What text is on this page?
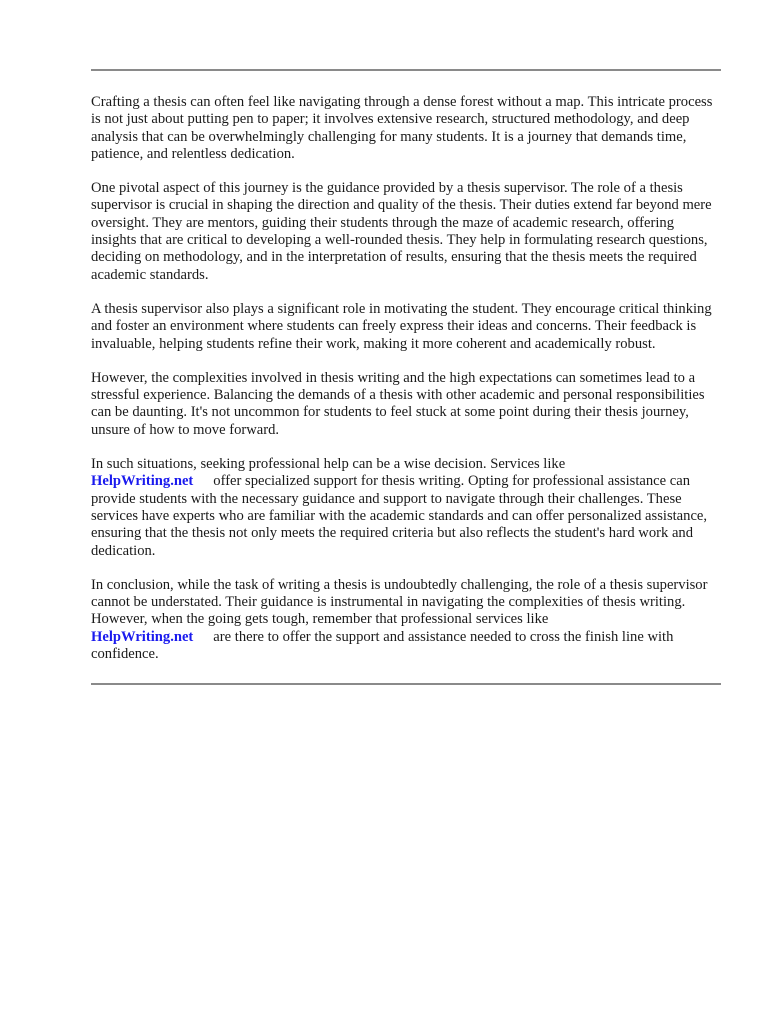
Crafting a thesis can often feel like navigating through a dense forest without a map. This intricate process is not just about putting pen to paper; it involves extensive research, structured methodology, and deep analysis that can be overwhelmingly challenging for many students. It is a journey that demands time, patience, and relentless dedication.

One pivotal aspect of this journey is the guidance provided by a thesis supervisor. The role of a thesis supervisor is crucial in shaping the direction and quality of the thesis. Their duties extend far beyond mere oversight. They are mentors, guiding their students through the maze of academic research, offering insights that are critical to developing a well-rounded thesis. They help in formulating research questions, deciding on methodology, and in the interpretation of results, ensuring that the thesis meets the required academic standards.

A thesis supervisor also plays a significant role in motivating the student. They encourage critical thinking and foster an environment where students can freely express their ideas and concerns. Their feedback is invaluable, helping students refine their work, making it more coherent and academically robust.

However, the complexities involved in thesis writing and the high expectations can sometimes lead to a stressful experience. Balancing the demands of a thesis with other academic and personal responsibilities can be daunting. It's not uncommon for students to feel stuck at some point during their thesis journey, unsure of how to move forward.

In such situations, seeking professional help can be a wise decision. Services like
HelpWriting.net offer specialized support for thesis writing. Opting for professional assistance can provide students with the necessary guidance and support to navigate through their challenges. These services have experts who are familiar with the academic standards and can offer personalized assistance, ensuring that the thesis not only meets the required criteria but also reflects the student's hard work and dedication.

In conclusion, while the task of writing a thesis is undoubtedly challenging, the role of a thesis supervisor cannot be understated. Their guidance is instrumental in navigating the complexities of thesis writing. However, when the going gets tough, remember that professional services like
HelpWriting.net are there to offer the support and assistance needed to cross the finish line with confidence.
